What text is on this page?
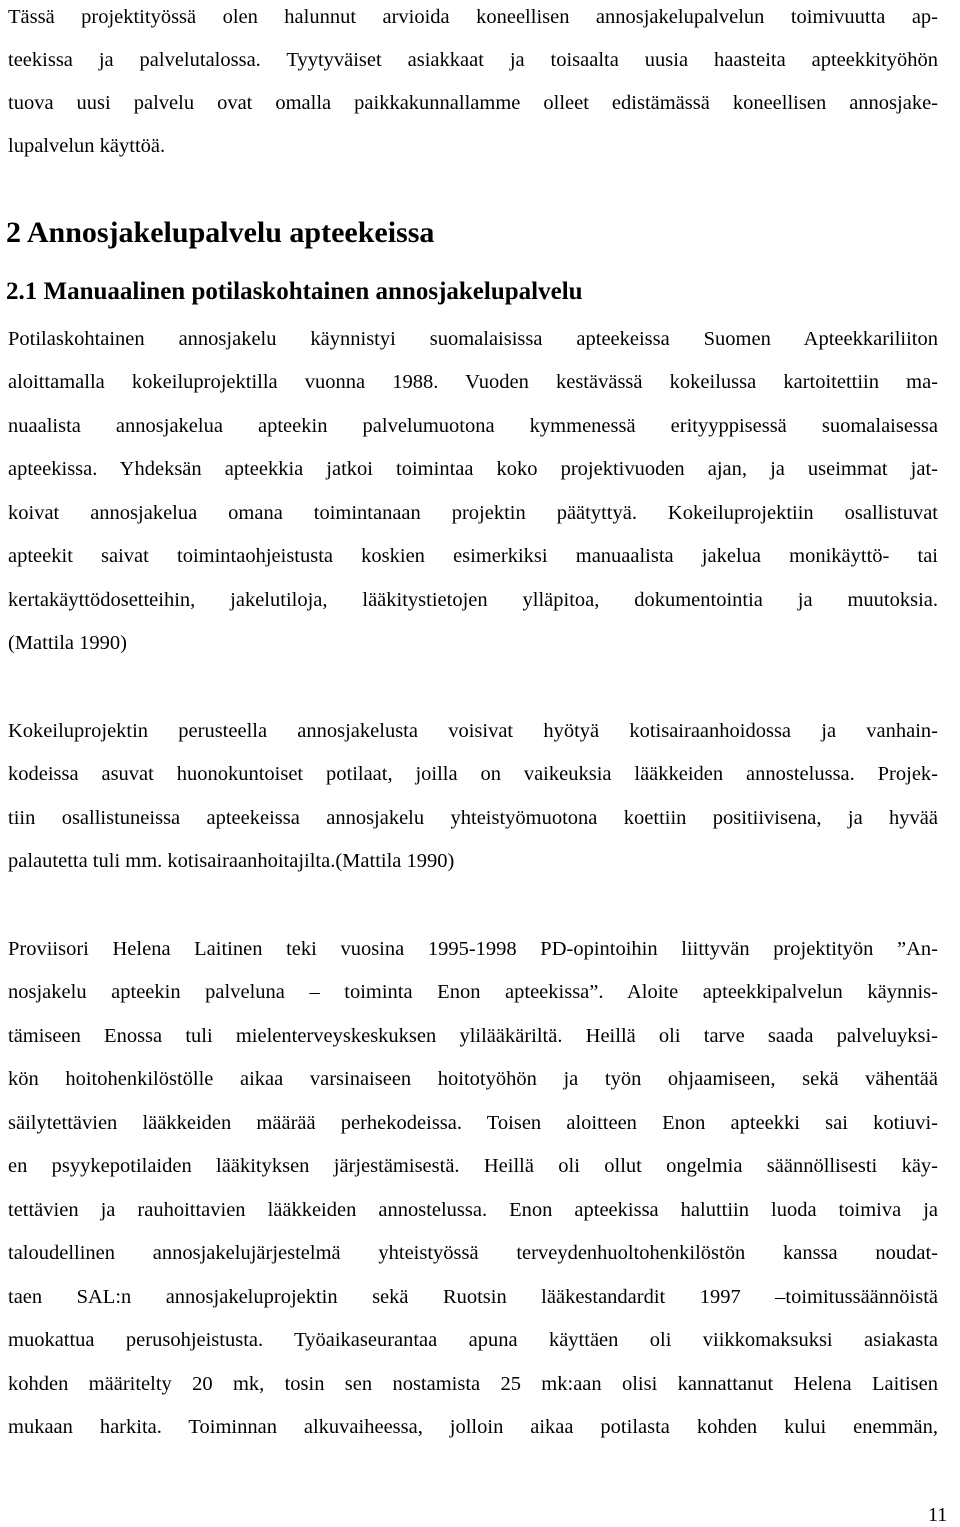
Tässä projektityössä olen halunnut arvioida koneellisen annosjakelupalvelun toimivuutta ap-

teekissa ja palvelutalossa. Tyytyväiset asiakkaat ja toisaalta uusia haasteita apteekkityöhön

tuova uusi palvelu ovat omalla paikkakunnallamme olleet edistämässä koneellisen annosjake-

lupalvelun käyttöä.

2 Annosjakelupalvelu apteekeissa
2.1 Manuaalinen potilaskohtainen annosjakelupalvelu

Potilaskohtainen annosjakelu käynnistyi suomalaisissa apteekeissa Suomen Apteekkariliiton

aloittamalla kokeiluprojektilla vuonna 1988. Vuoden kestävässä kokeilussa kartoitettiin ma-

nuaalista annosjakelua apteekin palvelumuotona kymmenessä erityyppisessä suomalaisessa

apteekissa. Yhdeksän apteekkia jatkoi toimintaa koko projektivuoden ajan, ja useimmat jat-

koivat annosjakelua omana toimintanaan projektin päätyttyä. Kokeiluprojektiin osallistuvat

apteekit saivat toimintaohjeistusta koskien esimerkiksi manuaalista jakelua monikäyttö- tai

kertakäyttödosetteihin, jakelutiloja, lääkitystietojen ylläpitoa, dokumentointia ja muutoksia.

(Mattila 1990)

Kokeiluprojektin perusteella annosjakelusta voisivat hyötyä kotisairaanhoidossa ja vanhain-

kodeissa asuvat huonokuntoiset potilaat, joilla on vaikeuksia lääkkeiden annostelussa. Projek-

tiin osallistuneissa apteekeissa annosjakelu yhteistyömuotona koettiin positiivisena, ja hyvää

palautetta tuli mm. kotisairaanhoitajilta.(Mattila 1990)

Proviisori Helena Laitinen teki vuosina 1995-1998 PD-opintoihin liittyvän projektityön ”An-

nosjakelu apteekin palveluna – toiminta Enon apteekissa”. Aloite apteekkipalvelun käynnis-

tämiseen Enossa tuli mielenterveyskeskuksen ylilääkäriltä. Heillä oli tarve saada palveluyksi-

kön hoitohenkilöstölle aikaa varsinaiseen hoitotyöhön ja työn ohjaamiseen, sekä vähentää

säilytettävien lääkkeiden määrää perhekodeissa. Toisen aloitteen Enon apteekki sai kotiuvi-

en psyykepotilaiden lääkityksen järjestämisestä. Heillä oli ollut ongelmia säännöllisesti käy-

tettävien ja rauhoittavien lääkkeiden annostelussa. Enon apteekissa haluttiin luoda toimiva ja

taloudellinen annosjakelujärjestelmä yhteistyössä terveydenhuoltohenkilöstön kanssa noudat-

taen SAL:n annosjakeluprojektin sekä Ruotsin lääkestandardit 1997 –toimitussäännöistä

muokattua perusohjeistusta. Työaikaseurantaa apuna käyttäen oli viikkomaksuksi asiakasta

kohden määritelty 20 mk, tosin sen nostamista 25 mk:aan olisi kannattanut Helena Laitisen

mukaan harkita. Toiminnan alkuvaiheessa, jolloin aikaa potilasta kohden kului enemmän,

11
